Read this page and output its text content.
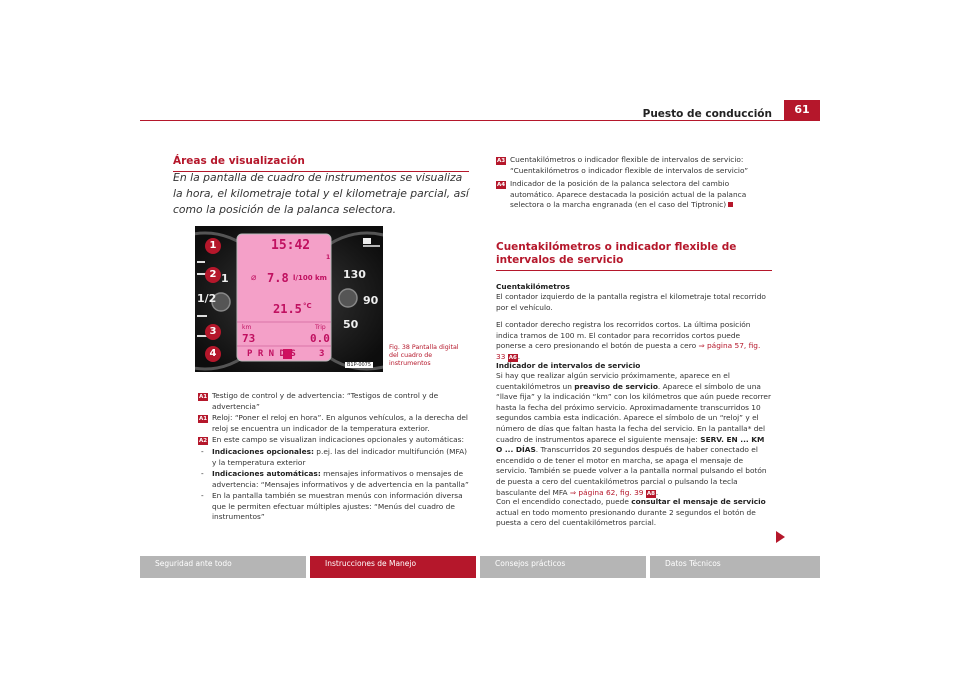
Puesto de conducción	61
Áreas de visualización
En la pantalla de cuadro de instrumentos se visualiza la hora, el kilometraje total y el kilometraje parcial, así como la posición de la palanca selectora.
15:42
1
⌀ 7.8 l/100 km
21.5 °C
km	Trip
73	0.0
P R N D S	3
130
90
50
1/2
1
1
2
3
4
B1P-0075
Fig. 38 Pantalla digital del cuadro de instrumentos
A1 Testigo de control y de advertencia: “Testigos de control y de advertencia”
A1 Reloj: “Poner el reloj en hora”. En algunos vehículos, a la derecha del reloj se encuentra un indicador de la temperatura exterior.
A2 En este campo se visualizan indicaciones opcionales y automáticas:
- Indicaciones opcionales: p.ej. las del indicador multifunción (MFA) y la temperatura exterior
- Indicaciones automáticas: mensajes informativos o mensajes de advertencia: “Mensajes informativos y de advertencia en la pantalla”
- En la pantalla también se muestran menús con información diversa que le permiten efectuar múltiples ajustes: “Menús del cuadro de instrumentos”
A3 Cuentakilómetros o indicador flexible de intervalos de servicio: “Cuentakilómetros o indicador flexible de intervalos de servicio”
A4 Indicador de la posición de la palanca selectora del cambio automático. Aparece destacada la posición actual de la palanca selectora o la marcha engranada (en el caso del Tiptronic)
Cuentakilómetros o indicador flexible de intervalos de servicio
Cuentakilómetros
El contador izquierdo de la pantalla registra el kilometraje total recorrido por el vehículo.
El contador derecho registra los recorridos cortos. La última posición indica tramos de 100 m. El contador para recorridos cortos puede ponerse a cero presionando el botón de puesta a cero ⇒ página 57, fig. 33 A6.
Indicador de intervalos de servicio
Si hay que realizar algún servicio próximamente, aparece en el cuentakilómetros un preaviso de servicio. Aparece el símbolo de una “llave fija” y la indicación “km” con los kilómetros que aún puede recorrer hasta la fecha del próximo servicio. Aproximadamente transcurridos 10 segundos cambia esta indicación. Aparece el símbolo de un “reloj” y el número de días que faltan hasta la fecha del servicio. En la pantalla* del cuadro de instrumentos aparece el siguiente mensaje: SERV. EN ... KM O ... DÍAS. Transcurridos 20 segundos después de haber conectado el encendido o de tener el motor en marcha, se apaga el mensaje de servicio. También se puede volver a la pantalla normal pulsando el botón de puesta a cero del cuentakilómetros parcial o pulsando la tecla basculante del MFA ⇒ página 62, fig. 39 A8.
Con el encendido conectado, puede consultar el mensaje de servicio actual en todo momento presionando durante 2 segundos el botón de puesta a cero del cuentakilómetros parcial.
Seguridad ante todo	Instrucciones de Manejo	Consejos prácticos	Datos Técnicos
